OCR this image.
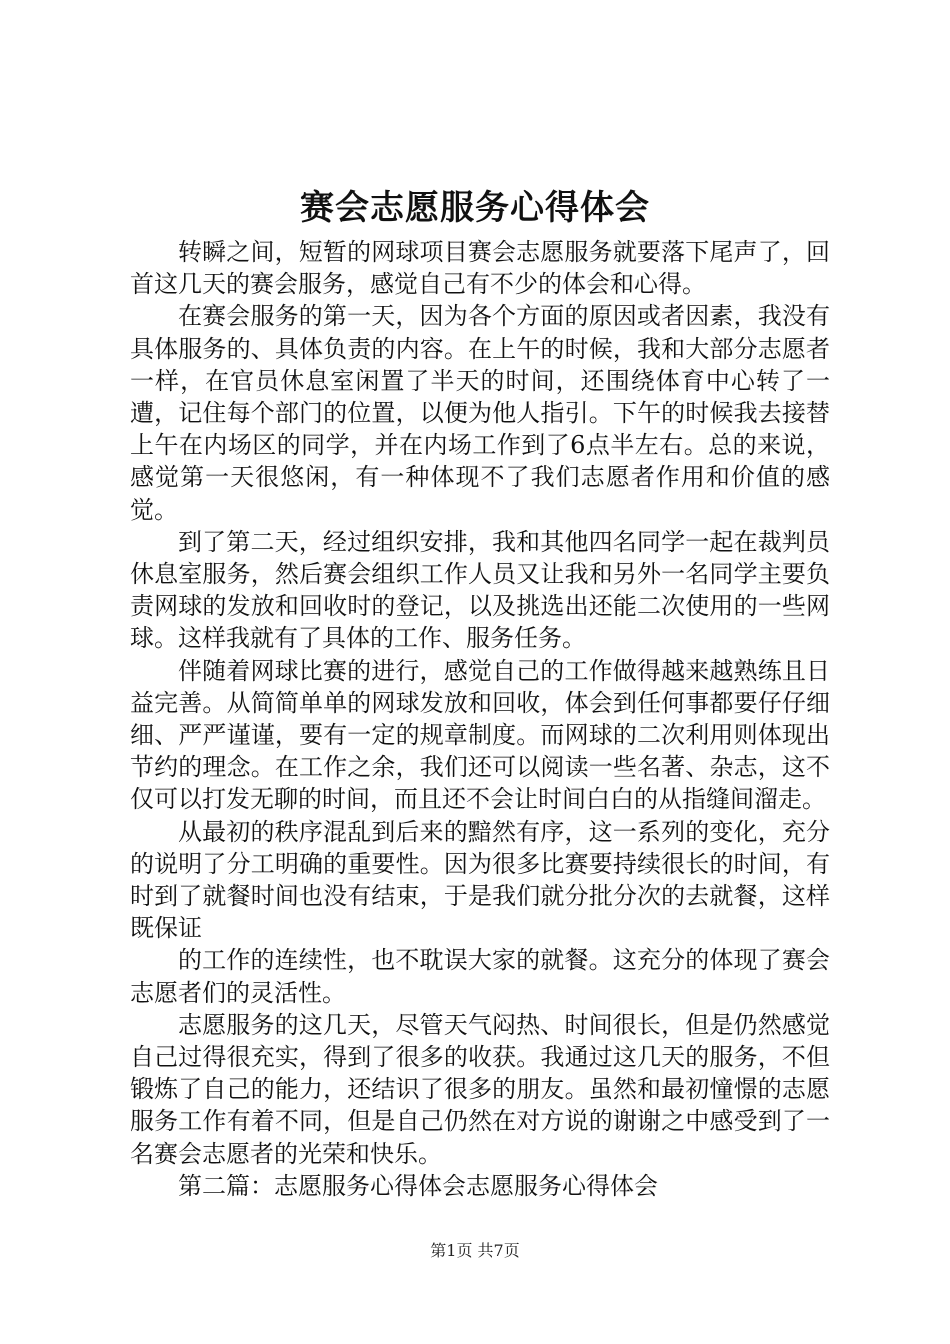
赛会志愿服务心得体会

转瞬之间，短暂的网球项目赛会志愿服务就要落下尾声了，回首这几天的赛会服务，感觉自己有不少的体会和心得。

在赛会服务的第一天，因为各个方面的原因或者因素，我没有具体服务的、具体负责的内容。在上午的时候，我和大部分志愿者一样，在官员休息室闲置了半天的时间，还围绕体育中心转了一遭，记住每个部门的位置，以便为他人指引。下午的时候我去接替上午在内场区的同学，并在内场工作到了6点半左右。总的来说，感觉第一天很悠闲，有一种体现不了我们志愿者作用和价值的感觉。

到了第二天，经过组织安排，我和其他四名同学一起在裁判员休息室服务，然后赛会组织工作人员又让我和另外一名同学主要负责网球的发放和回收时的登记，以及挑选出还能二次使用的一些网球。这样我就有了具体的工作、服务任务。

伴随着网球比赛的进行，感觉自己的工作做得越来越熟练且日益完善。从简简单单的网球发放和回收，体会到任何事都要仔仔细细、严严谨谨，要有一定的规章制度。而网球的二次利用则体现出节约的理念。在工作之余，我们还可以阅读一些名著、杂志，这不仅可以打发无聊的时间，而且还不会让时间白白的从指缝间溜走。

从最初的秩序混乱到后来的黯然有序，这一系列的变化，充分的说明了分工明确的重要性。因为很多比赛要持续很长的时间，有时到了就餐时间也没有结束，于是我们就分批分次的去就餐，这样既保证

的工作的连续性，也不耽误大家的就餐。这充分的体现了赛会志愿者们的灵活性。

志愿服务的这几天，尽管天气闷热、时间很长，但是仍然感觉自己过得很充实，得到了很多的收获。我通过这几天的服务，不但锻炼了自己的能力，还结识了很多的朋友。虽然和最初憧憬的志愿服务工作有着不同，但是自己仍然在对方说的谢谢之中感受到了一名赛会志愿者的光荣和快乐。

第二篇：志愿服务心得体会志愿服务心得体会

第1页 共7页
